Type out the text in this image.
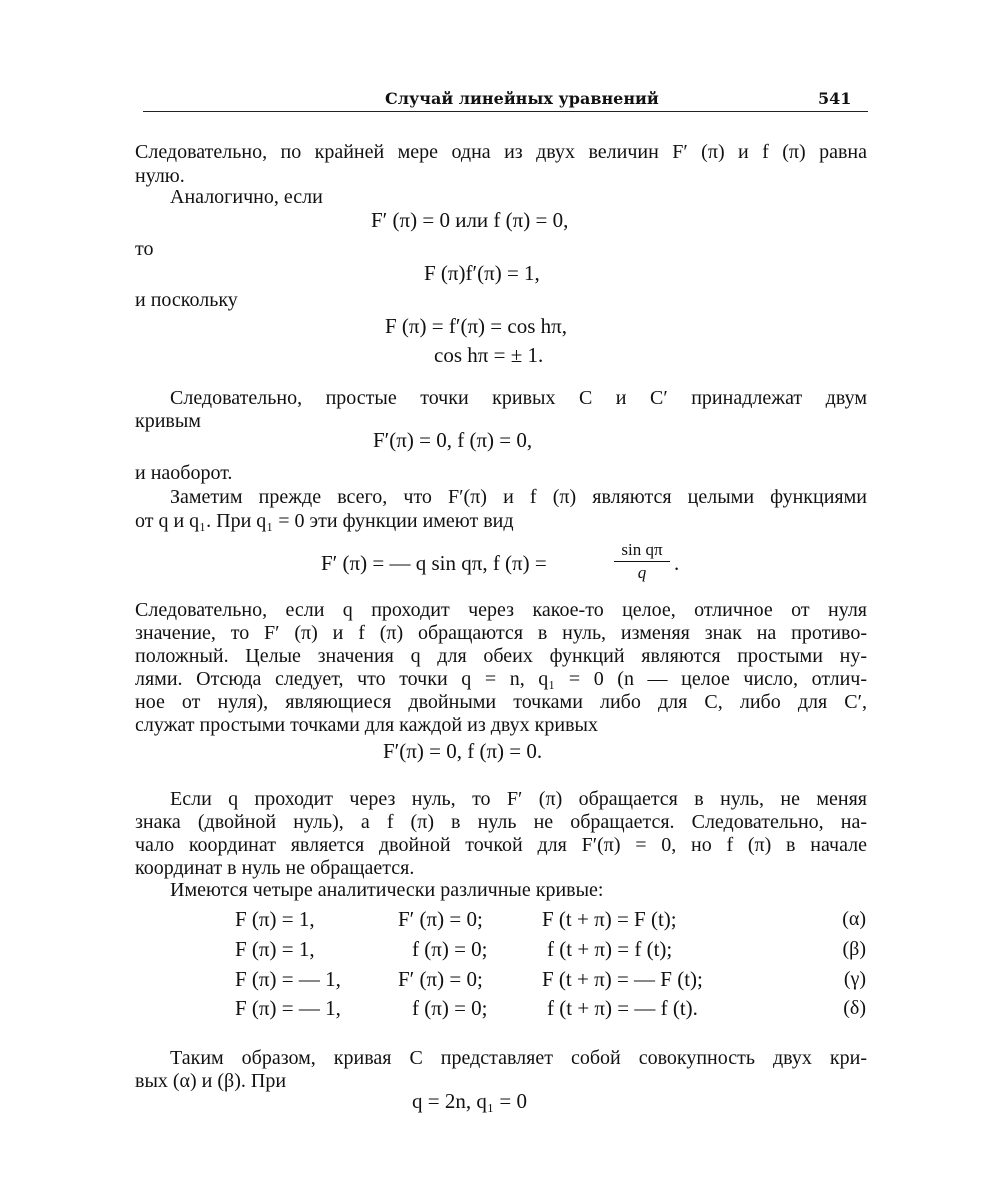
Случай линейных уравнений	541
Следовательно, по крайней мере одна из двух величин F′ (π) и f (π) равна
нулю.
Аналогично, если
F′ (π) = 0 или f (π) = 0,
то
F (π)f′(π) = 1,
и поскольку
F (π) = f′(π) = cos hπ,
cos hπ = ± 1.
Следовательно, простые точки кривых C и C′ принадлежат двум
кривым
F′(π) = 0, f (π) = 0,
и наоборот.
Заметим прежде всего, что F′(π) и f (π) являются целыми функциями
от q и q₁. При q₁ = 0 эти функции имеют вид
F′ (π) = — q sin qπ, f (π) =
sin qπ
q	.
Следовательно, если q проходит через какое-то целое, отличное от нуля
значение, то F′ (π) и f (π) обращаются в нуль, изменяя знак на противо-
положный. Целые значения q для обеих функций являются простыми ну-
лями. Отсюда следует, что точки q = n, q₁ = 0 (n — целое число, отлич-
ное от нуля), являющиеся двойными точками либо для C, либо для C′,
служат простыми точками для каждой из двух кривых
F′(π) = 0, f (π) = 0.
Если q проходит через нуль, то F′ (π) обращается в нуль, не меняя
знака (двойной нуль), а f (π) в нуль не обращается. Следовательно, на-
чало координат является двойной точкой для F′(π) = 0, но f (π) в начале
координат в нуль не обращается.
Имеются четыре аналитически различные кривые:
F (π) = 1,	F′ (π) = 0;	F (t + π) = F (t);	(α)
F (π) = 1,	f (π) = 0;	f (t + π) = f (t);	(β)
F (π) = — 1,	F′ (π) = 0;	F (t + π) = — F (t);	(γ)
F (π) = — 1,	f (π) = 0;	f (t + π) = — f (t).	(δ)
Таким образом, кривая C представляет собой совокупность двух кри-
вых (α) и (β). При
q = 2n, q₁ = 0
